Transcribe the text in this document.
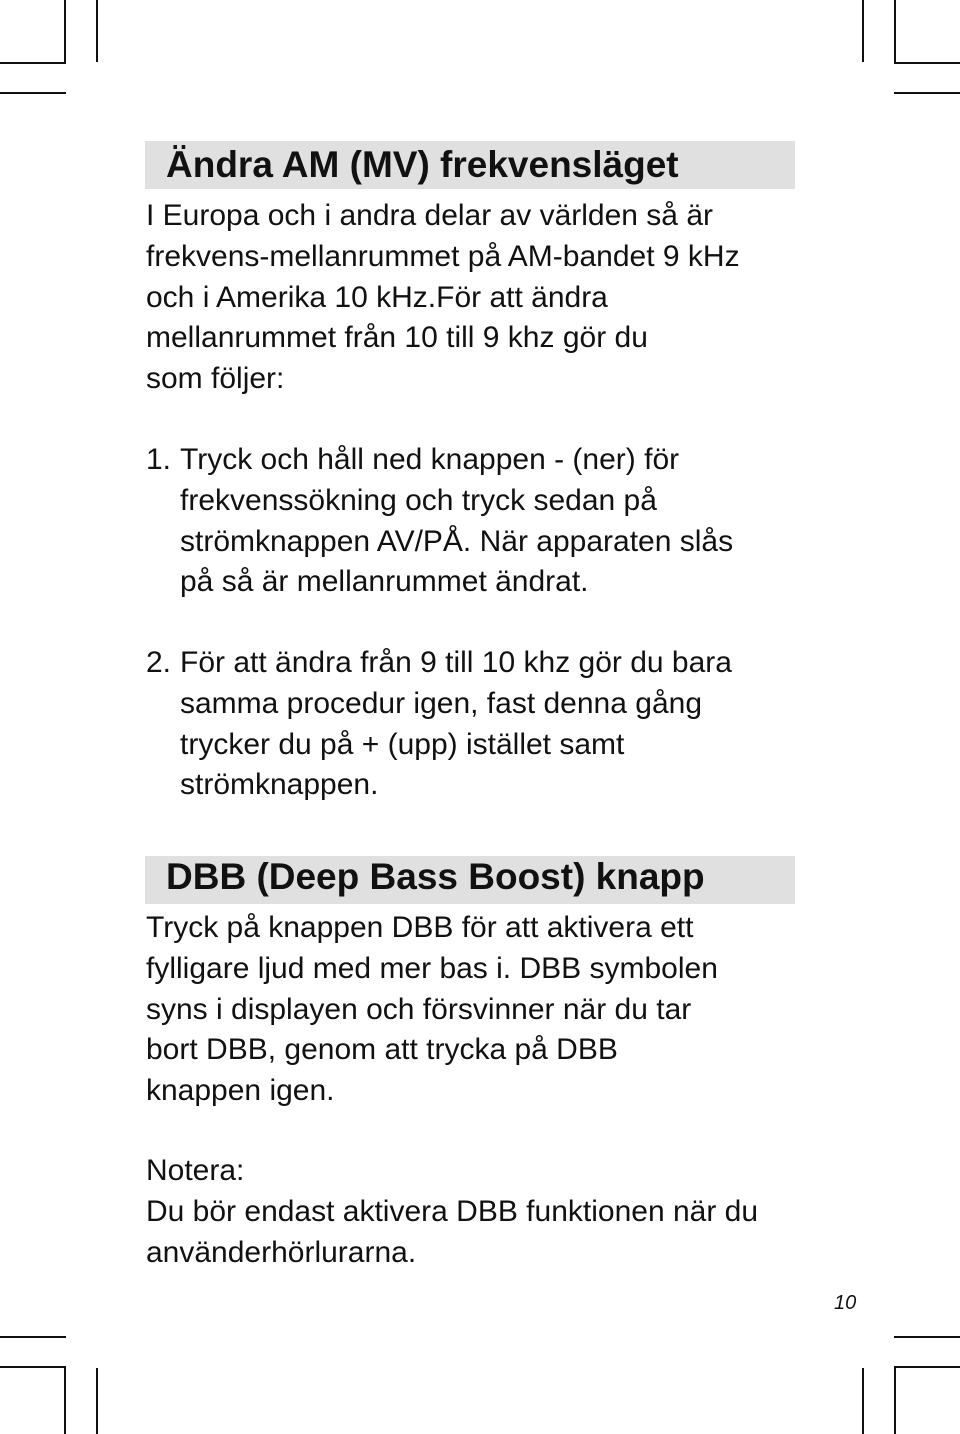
Ändra AM (MV) frekvensläget
I Europa och i andra delar av världen så är
frekvens-mellanrummet på AM-bandet 9 kHz
och i Amerika 10 kHz.För att ändra
mellanrummet från 10 till 9 khz gör du
som följer:
1. Tryck och håll ned knappen - (ner) för
frekvenssökning och tryck sedan på
strömknappen AV/PÅ. När apparaten slås
på så är mellanrummet ändrat.
2. För att ändra från 9 till 10 khz gör du bara
samma procedur igen, fast denna gång
trycker du på + (upp) istället samt
strömknappen.
DBB (Deep Bass Boost) knapp
Tryck på knappen DBB för att aktivera ett
fylligare ljud med mer bas i. DBB symbolen
syns i displayen och försvinner när du tar
bort DBB, genom att trycka på DBB
knappen igen.
Notera:
Du bör endast aktivera DBB funktionen när du
använderhörlurarna.
10
